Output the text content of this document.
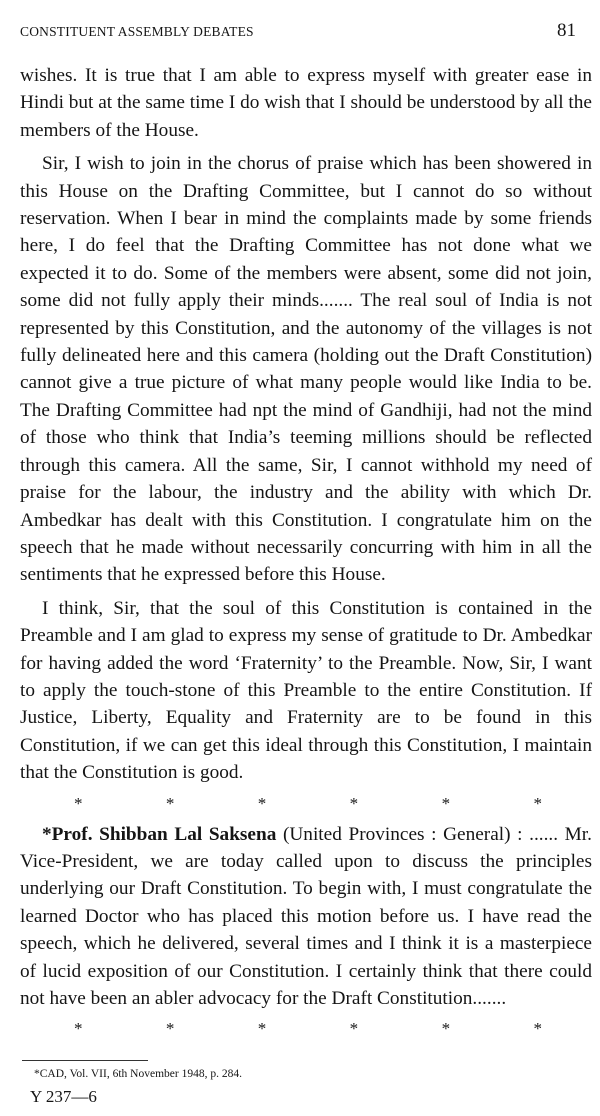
CONSTITUENT ASSEMBLY DEBATES	81

wishes. It is true that I am able to express myself with greater ease in Hindi but at the same time I do wish that I should be understood by all the members of the House.

Sir, I wish to join in the chorus of praise which has been showered in this House on the Drafting Committee, but I cannot do so without reservation. When I bear in mind the complaints made by some friends here, I do feel that the Drafting Committee has not done what we expected it to do. Some of the members were absent, some did not join, some did not fully apply their minds....... The real soul of India is not represented by this Constitution, and the autonomy of the villages is not fully delineated here and this camera (holding out the Draft Constitution) cannot give a true picture of what many people would like India to be. The Drafting Committee had npt the mind of Gandhiji, had not the mind of those who think that India’s teeming millions should be reflected through this camera. All the same, Sir, I cannot withhold my need of praise for the labour, the industry and the ability with which Dr. Ambedkar has dealt with this Constitution. I congratulate him on the speech that he made without necessarily concurring with him in all the sentiments that he expressed before this House.

I think, Sir, that the soul of this Constitution is contained in the Preamble and I am glad to express my sense of gratitude to Dr. Ambedkar for having added the word ‘Fraternity’ to the Preamble. Now, Sir, I want to apply the touch-stone of this Preamble to the entire Constitution. If Justice, Liberty, Equality and Fraternity are to be found in this Constitution, if we can get this ideal through this Constitution, I maintain that the Constitution is good.

*	*	*	*	*	*

*Prof. Shibban Lal Saksena (United Provinces : General) : ...... Mr. Vice-President, we are today called upon to discuss the principles underlying our Draft Constitution. To begin with, I must congratulate the learned Doctor who has placed this motion before us. I have read the speech, which he delivered, several times and I think it is a masterpiece of lucid exposition of our Constitution. I certainly think that there could not have been an abler advocacy for the Draft Constitution.......

*	*	*	*	*	*
*CAD, Vol. VII, 6th November 1948, p. 284.
Y 237—6
